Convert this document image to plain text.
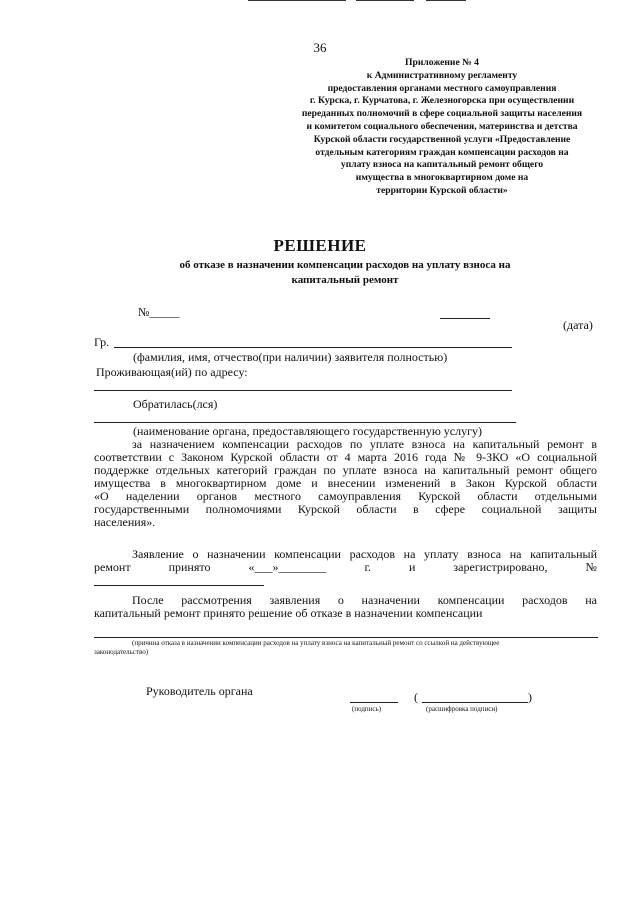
36
Приложение № 4
к Административному регламенту
предоставления органами местного самоуправления
г. Курска, г. Курчатова, г. Железногорска при осуществлении
переданных полномочий в сфере социальной защиты населения
и комитетом социального обеспечения, материнства и детства
Курской области государственной услуги «Предоставление
отдельным категориям граждан компенсации расходов на
уплату взноса на капитальный ремонт общего
имущества в многоквартирном доме на
территории Курской области»
РЕШЕНИЕ
об отказе в назначении компенсации расходов на уплату взноса на
капитальный ремонт
№_____
(дата)
Гр.
(фамилия, имя, отчество(при наличии) заявителя полностью)
Проживающая(ий) по адресу:
Обратилась(лся)
(наименование органа, предоставляющего государственную услугу)
за назначением компенсации расходов по уплате взноса на капитальный ремонт в
соответствии с Законом Курской области от 4 марта 2016 года № 9-ЗКО «О социальной
поддержке отдельных категорий граждан по уплате взноса на капитальный ремонт общего
имущества в многоквартирном доме и внесении изменений в Закон Курской области
«О наделении органов местного самоуправления Курской области отдельными
государственными полномочиями Курской области в сфере социальной защиты
населения».
Заявление о назначении компенсации расходов на уплату взноса на капитальный
ремонт принято «___»________ г. и зарегистрировано, №
После рассмотрения заявления о назначении компенсации расходов на
капитальный ремонт принято решение об отказе в назначении компенсации
(причина отказа в назначении компенсации расходов на уплату взноса на капитальный ремонт со ссылкой на действующее
законодательство)
Руководитель органа
(подпись)
(	)
(расшифровка подписи)
